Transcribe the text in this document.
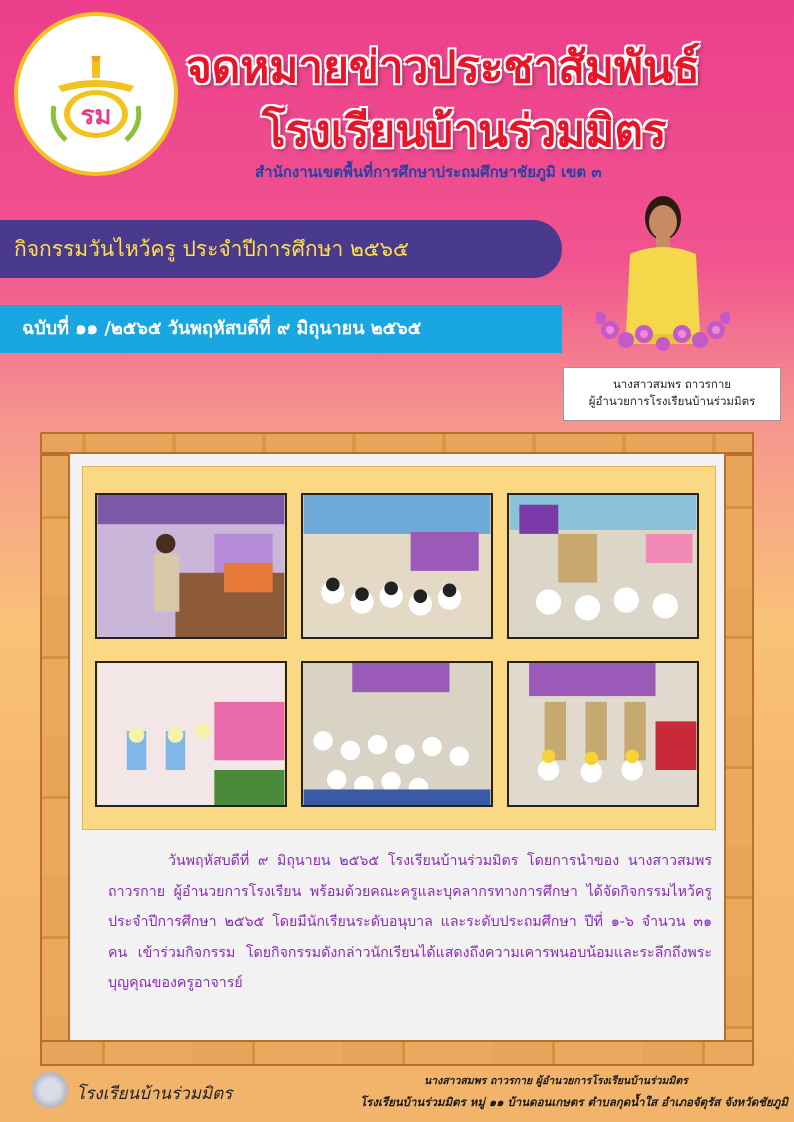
รม
จดหมายข่าวประชาสัมพันธ์
โรงเรียนบ้านร่วมมิตร
สำนักงานเขตพื้นที่การศึกษาประถมศึกษาชัยภูมิ เขต ๓
กิจกรรมวันไหว้ครู ประจำปีการศึกษา ๒๕๖๕
ฉบับที่ ๑๑ /๒๕๖๕ วันพฤหัสบดีที่ ๙ มิถุนายน ๒๕๖๕
นางสาวสมพร ถาวรกาย
ผู้อำนวยการโรงเรียนบ้านร่วมมิตร

วันพฤหัสบดีที่ ๙ มิถุนายน ๒๕๖๕ โรงเรียนบ้านร่วมมิตร โดยการนำของ นางสาวสมพร ถาวรกาย ผู้อำนวยการโรงเรียน พร้อมด้วยคณะครูและบุคลากรทางการศึกษา ได้จัดกิจกรรมไหว้ครู ประจำปีการศึกษา ๒๕๖๕ โดยมีนักเรียนระดับอนุบาล และระดับประถมศึกษา ปีที่ ๑-๖ จำนวน ๓๑ คน เข้าร่วมกิจกรรม โดยกิจกรรมดังกล่าวนักเรียนได้แสดงถึงความเคารพนอบน้อมและระลึกถึงพระบุญคุณของครูอาจารย์

โรงเรียนบ้านร่วมมิตร
นางสาวสมพร ถาวรกาย ผู้อำนวยการโรงเรียนบ้านร่วมมิตร
โรงเรียนบ้านร่วมมิตร หมู่ ๑๑ บ้านดอนเกษตร ตำบลกุดน้ำใส อำเภอจัตุรัส จังหวัดชัยภูมิ
